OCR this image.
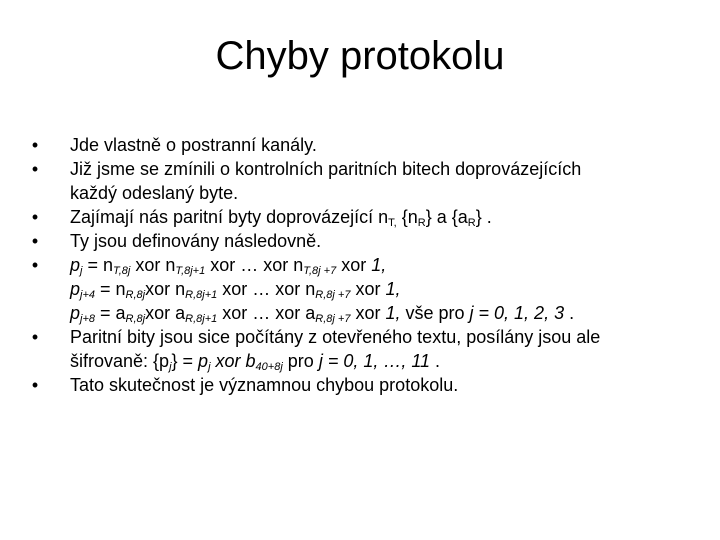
Chyby protokolu
• Jde vlastně o postranní kanály.
• Již jsme se zmínili o kontrolních paritních bitech doprovázejících
každý odeslaný byte.
• Zajímají nás paritní byty doprovázející $n_{T,}$ $\{n_R\}$ a $\{a_R\}$ .
• Ty jsou definovány následovně.
• $p_j = n_{T,8j}$ xor $n_{T,8j+1}$ xor … xor $n_{T,8j +7}$ xor 1,
$p_{j+4} = n_{R,8j}xor$ $n_{R,8j+1}$ xor … xor $n_{R,8j +7}$ xor 1,
$p_{j+8} = a_{R,8j}xor$ $a_{R,8j+1}$ xor … xor $a_{R,8j +7}$ xor 1, vše pro j = 0, 1, 2, 3 .
• Paritní bity jsou sice počítány z otevřeného textu, posílány jsou ale
šifrovaně: $\{p_j\} = p_j$ xor $b_{40+8j}$ pro j = 0, 1, …, 11 .
• Tato skutečnost je významnou chybou protokolu.
